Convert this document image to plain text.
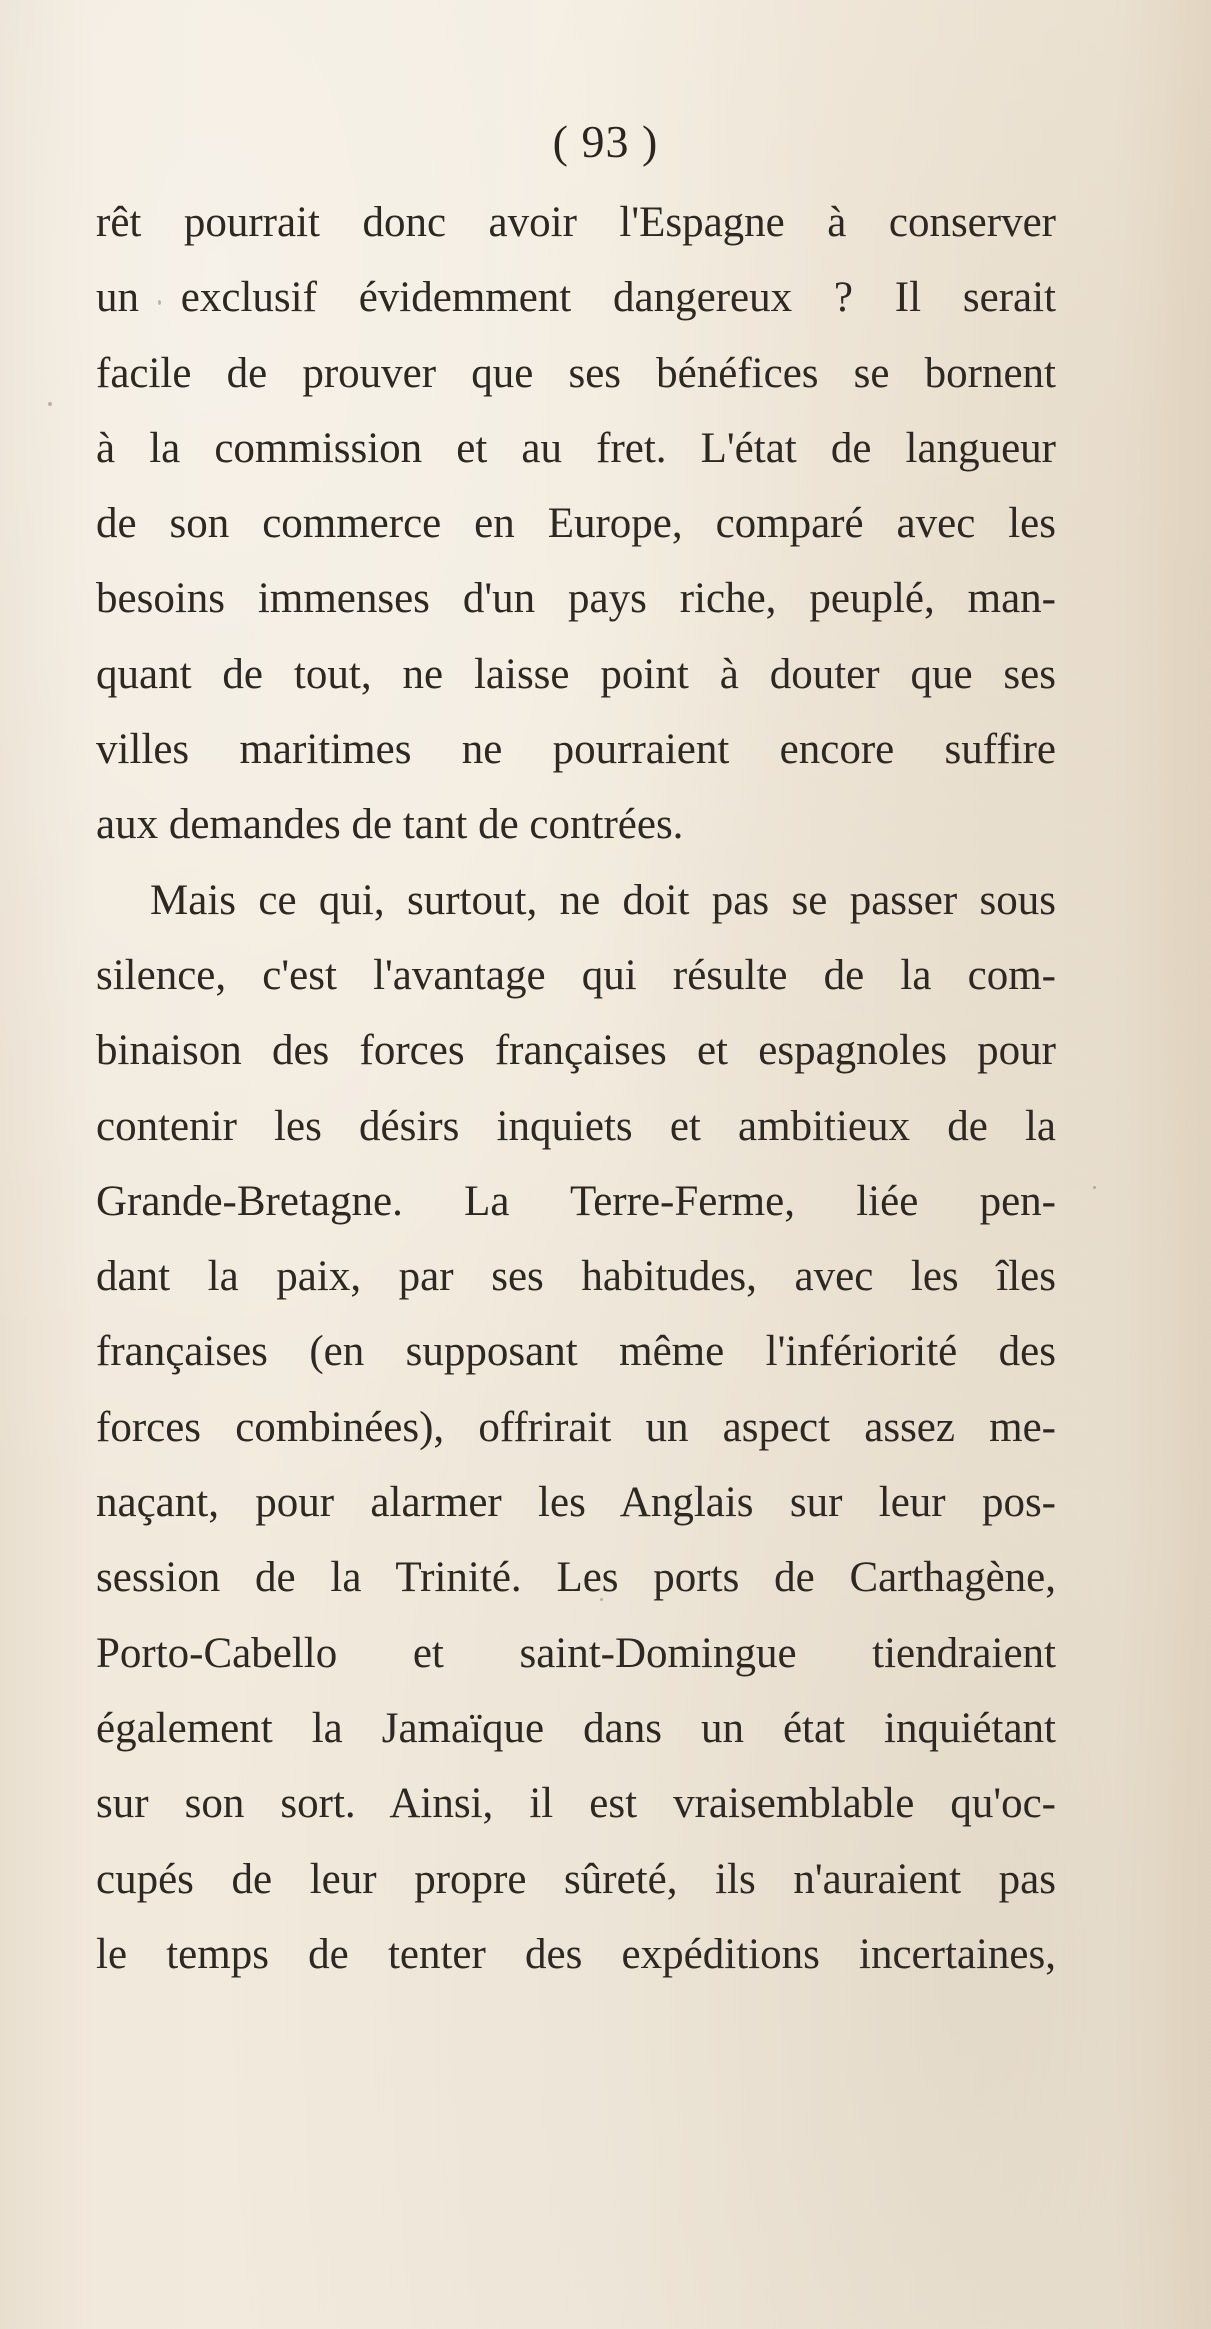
( 93 )
rêt pourrait donc avoir l'Espagne à conserver
un exclusif évidemment dangereux ? Il serait
facile de prouver que ses bénéfices se bornent
à la commission et au fret. L'état de langueur
de son commerce en Europe, comparé avec les
besoins immenses d'un pays riche, peuplé, man-
quant de tout, ne laisse point à douter que ses
villes maritimes ne pourraient encore suffire
aux demandes de tant de contrées.
Mais ce qui, surtout, ne doit pas se passer sous
silence, c'est l'avantage qui résulte de la com-
binaison des forces françaises et espagnoles pour
contenir les désirs inquiets et ambitieux de la
Grande-Bretagne. La Terre-Ferme, liée pen-
dant la paix, par ses habitudes, avec les îles
françaises (en supposant même l'infériorité des
forces combinées), offrirait un aspect assez me-
naçant, pour alarmer les Anglais sur leur pos-
session de la Trinité. Les ports de Carthagène,
Porto-Cabello et saint-Domingue tiendraient
également la Jamaïque dans un état inquiétant
sur son sort. Ainsi, il est vraisemblable qu'oc-
cupés de leur propre sûreté, ils n'auraient pas
le temps de tenter des expéditions incertaines,
